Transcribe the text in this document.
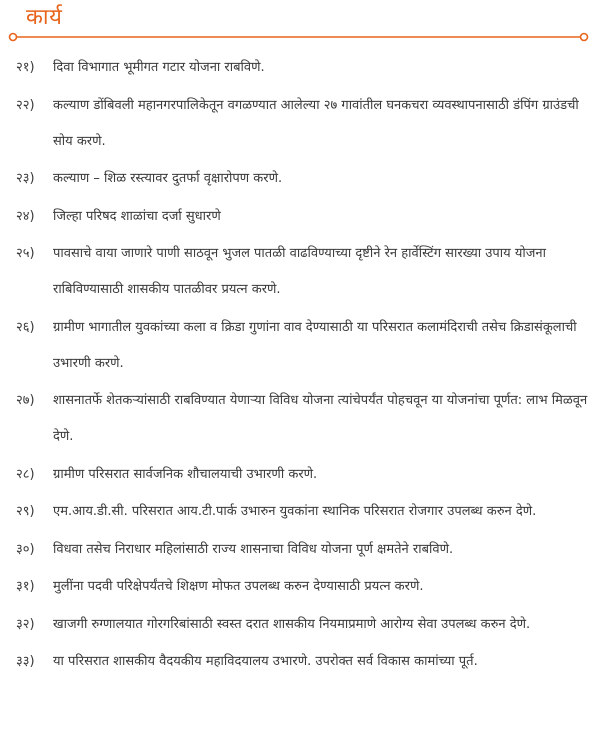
कार्य
२१)	दिवा विभागात भूमीगत गटार योजना राबविणे.
२२)	कल्याण डोंबिवली महानगरपालिकेतून वगळण्यात आलेल्या २७ गावांतील घनकचरा व्यवस्थापनासाठी डंपिंग ग्राउंडची सोय करणे.
२३)	कल्याण – शिळ रस्त्यावर दुतर्फा वृक्षारोपण करणे.
२४)	जिल्हा परिषद शाळांचा दर्जा सुधारणे
२५)	पावसाचे वाया जाणारे पाणी साठवून भुजल पातळी वाढविण्याच्या दृष्टीने रेन हार्वेस्टिंग सारख्या उपाय योजना राबिविण्यासाठी शासकीय पातळीवर प्रयत्न करणे.
२६)	ग्रामीण भागातील युवकांच्या कला व क्रिडा गुणांना वाव देण्यासाठी या परिसरात कलामंदिराची तसेच क्रिडासंकूलाची उभारणी करणे.
२७)	शासनातर्फे शेतकऱ्यांसाठी राबविण्यात येणाऱ्या विविध योजना त्यांचेपर्यंत पोहचवून या योजनांचा पूर्णत: लाभ मिळवून देणे.
२८)	ग्रामीण परिसरात सार्वजनिक शौचालयाची उभारणी करणे.
२९)	एम.आय.डी.सी. परिसरात आय.टी.पार्क उभारुन युवकांना स्थानिक परिसरात रोजगार उपलब्ध करुन देणे.
३०)	विधवा तसेच निराधार महिलांसाठी राज्य शासनाचा विविध योजना पूर्ण क्षमतेने राबविणे.
३१)	मुलींना पदवी परिक्षेपर्यंतचे शिक्षण मोफत उपलब्ध करुन देण्यासाठी प्रयत्न करणे.
३२)	खाजगी रुग्णालयात गोरगरिबांसाठी स्वस्त दरात शासकीय नियमाप्रमाणे आरोग्य सेवा उपलब्ध करुन देणे.
३३)	या परिसरात शासकीय वैदयकीय महाविदयालय उभारणे. उपरोक्त सर्व विकास कामांच्या पूर्त.
